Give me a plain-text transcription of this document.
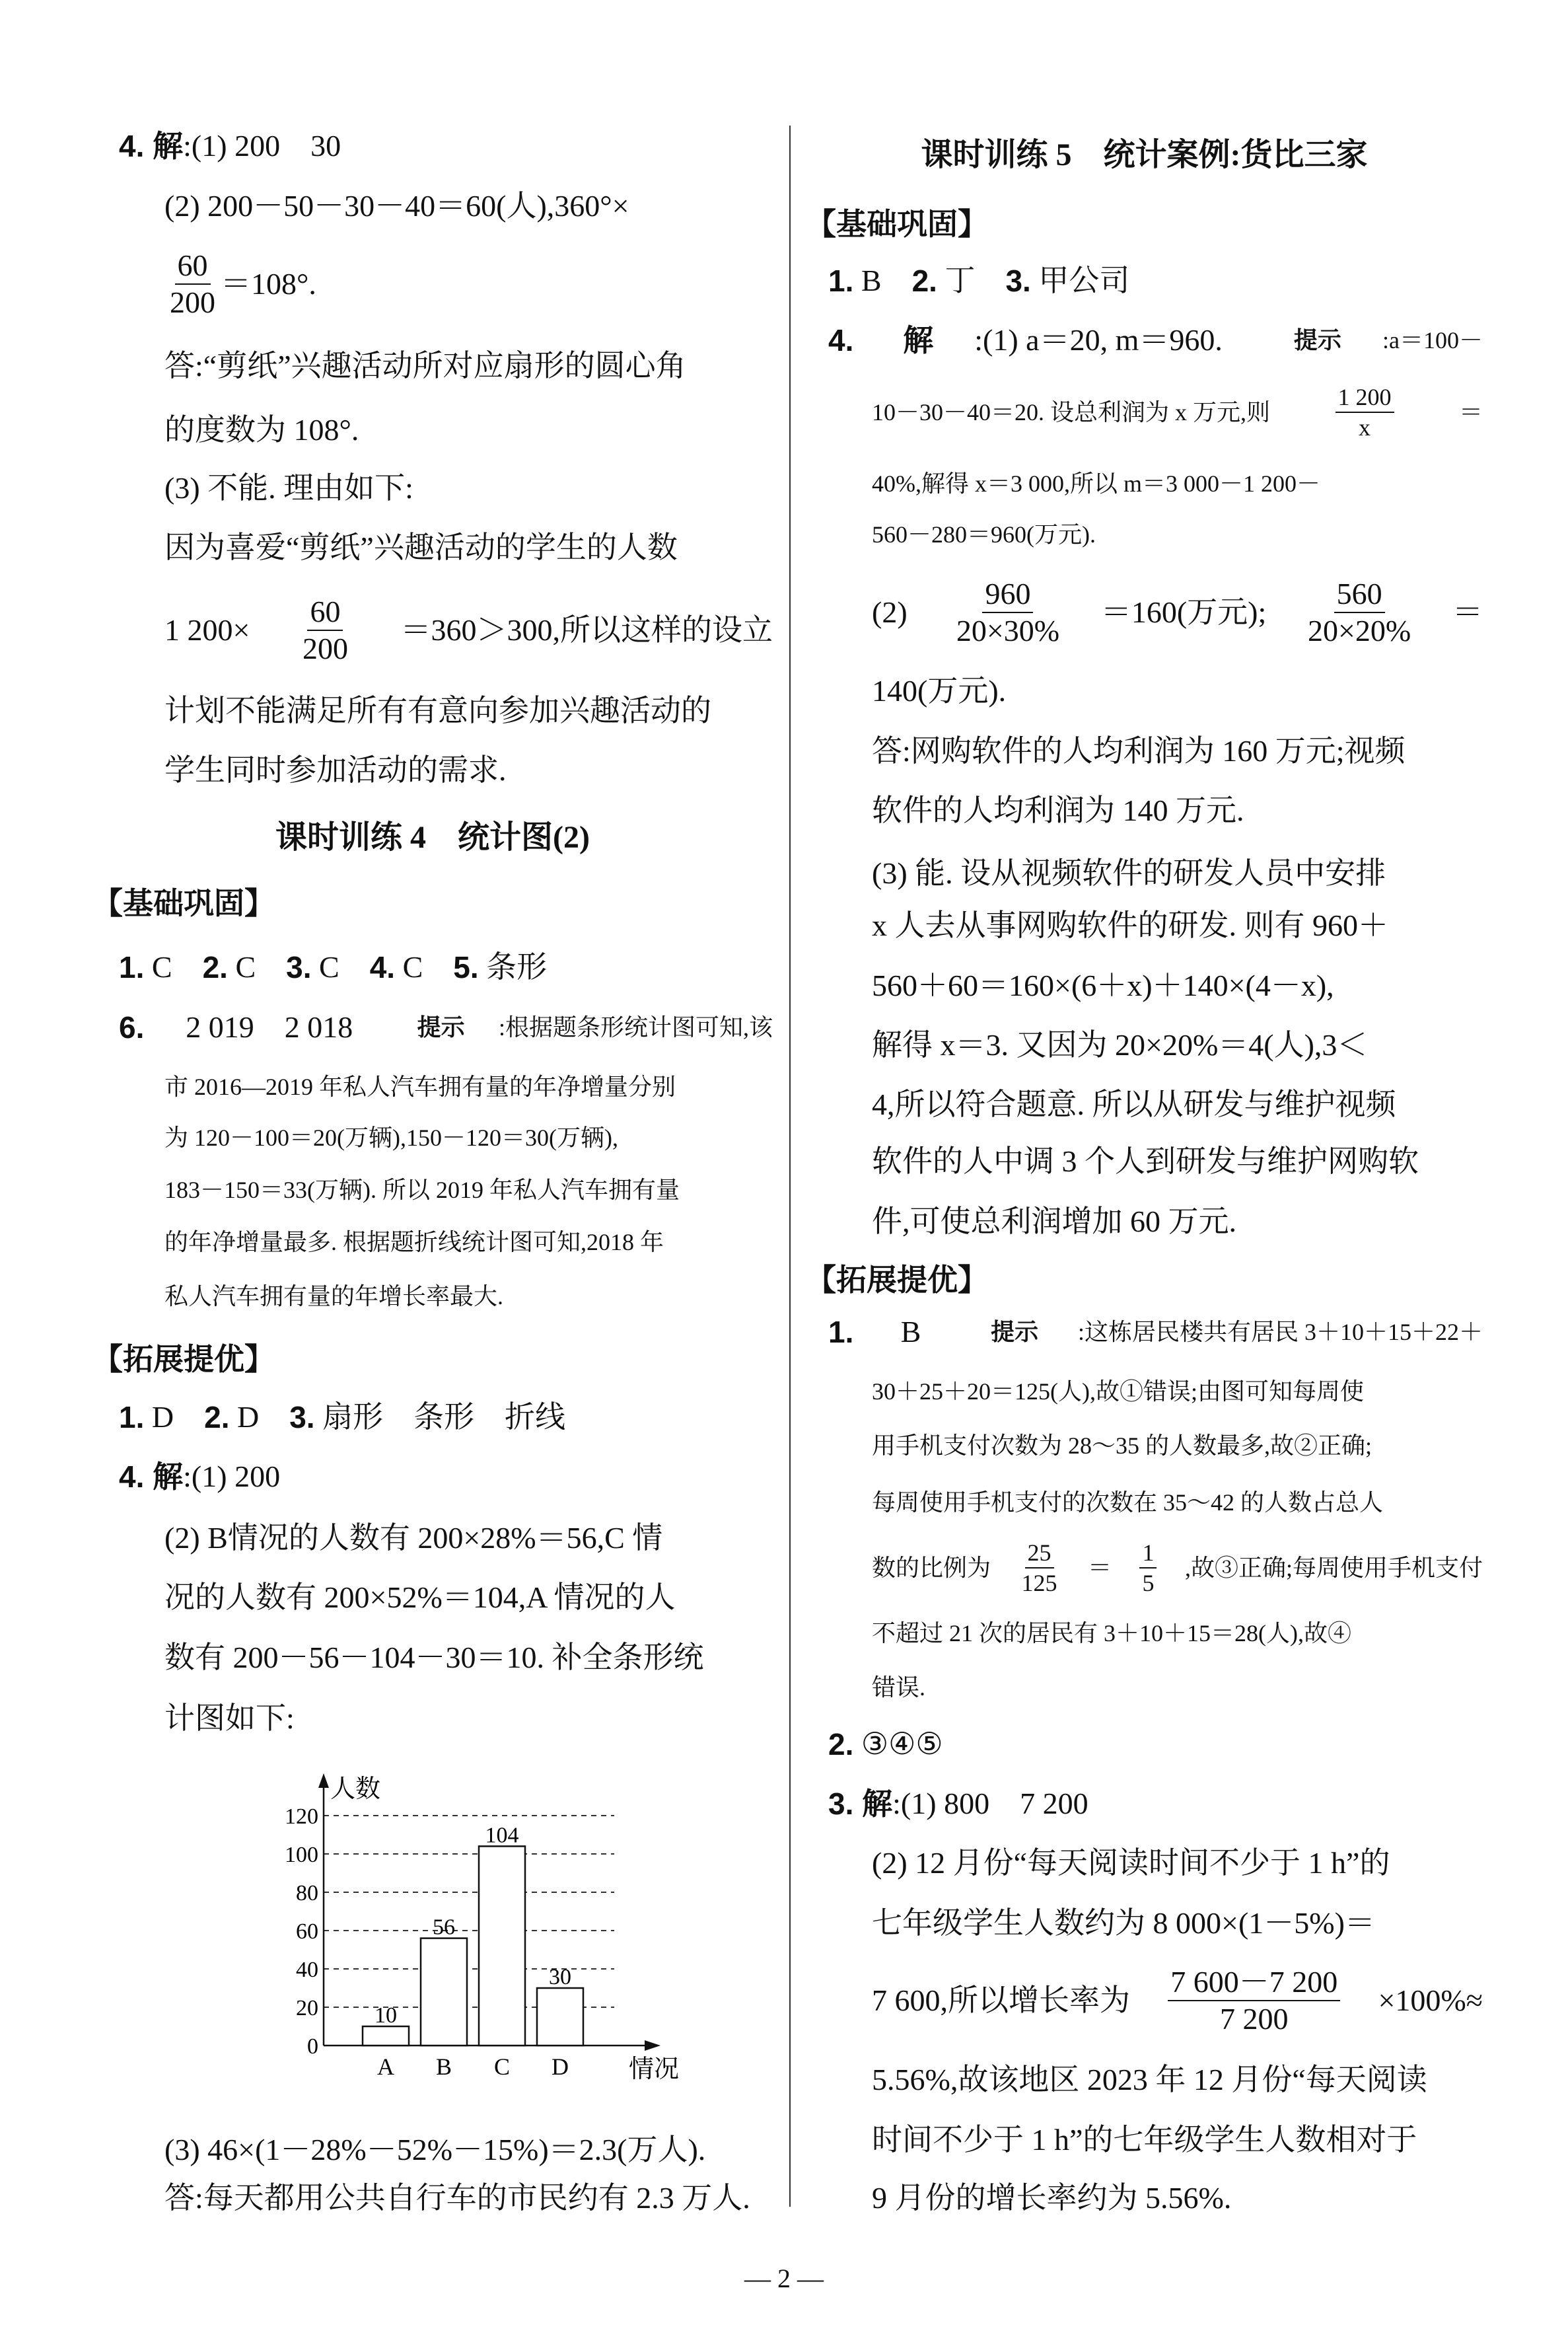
4. 解 :(1) 200　30
(2) 200－50－30－40＝60(人),360°×
$\frac{60}{200} =108^\circ$.
答:“剪纸”兴趣活动所对应扇形的圆心角
的度数为 108°.
(3) 不能. 理由如下:
因为喜爱“剪纸”兴趣活动的学生的人数
1 $200\times \frac{60}{200} =360>300$,所以这样的设立
计划不能满足所有有意向参加兴趣活动的
学生同时参加活动的需求.
课时训练 4　统计图(2)
【基础巩固】
1. C　 2. C　 3. C　 4. C　 5. 条形
6. 2 019　2 018　 提示 :根据题条形统计图可知,该
市 2016—2019 年私人汽车拥有量的年净增量分别
为 120－100＝20(万辆),150－120＝30(万辆),
183－150＝33(万辆). 所以 2019 年私人汽车拥有量
的年净增量最多. 根据题折线统计图可知,2018 年
私人汽车拥有量的年增长率最大.
【拓展提优】
1. D　 2. D　 3. 扇形　条形　折线
4. 解 :(1) 200
(2) B情况的人数有 200×28%＝56,C 情
况的人数有 200×52%＝104,A 情况的人
数有 200－56－104－30＝10. 补全条形统
计图如下:
(3) 46×(1－28%－52%－15%)＝2.3(万人).
答:每天都用公共自行车的市民约有 2.3 万人.
课时训练 5　统计案例:货比三家
【基础巩固】
1. B　 2. 丁　 3. 甲公司
4. 解 :(1) a＝20, m＝960.　 提示 :a＝100－
10－30－40＝20. 设总利润为 x 万元,则	$\frac{1 200}{x}$	＝
40%,解得 x＝3 000,所以 m＝3 000－1 200－
560－280＝960(万元).
$(2) \frac{960}{20\times 30\%} =160$(万元); $\frac{560}{20\times 20\%}$ ＝
140(万元).
答:网购软件的人均利润为 160 万元;视频
软件的人均利润为 140 万元.
(3) 能. 设从视频软件的研发人员中安排
x 人去从事网购软件的研发. 则有 960＋
560＋60＝160×(6＋x)＋140×(4－x),
解得 x＝3. 又因为 20×20%＝4(人),3＜
4,所以符合题意. 所以从研发与维护视频
软件的人中调 3 个人到研发与维护网购软
件,可使总利润增加 60 万元.
【拓展提优】
1. B　 提示 :这栋居民楼共有居民 3＋10＋15＋22＋
30＋25＋20＝125(人),故①错误;由图可知每周使
用手机支付次数为 28～35 的人数最多,故②正确;
每周使用手机支付的次数在 35～42 的人数占总人
数的比例为 $\frac{25}{125} = \frac{1}{5}$ ,故③正确;每周使用手机支付
不超过 21 次的居民有 3＋10＋15＝28(人),故④
错误.
2. ③④⑤
3. 解 :(1) 800　7 200
(2) 12 月份“每天阅读时间不少于 1 h”的
七年级学生人数约为 8 000×(1－5%)＝
7 600,所以增长率为 $\frac{7 600-7 200}{7 200} \times 100\%\approx$
5.56%,故该地区 2023 年 12 月份“每天阅读
时间不少于 1 h”的七年级学生人数相对于
9 月份的增长率约为 5.56%.
0
20
40
60
80
100
120
人数
情况
10
A
56
B
104
C
30
D
— 2 —
